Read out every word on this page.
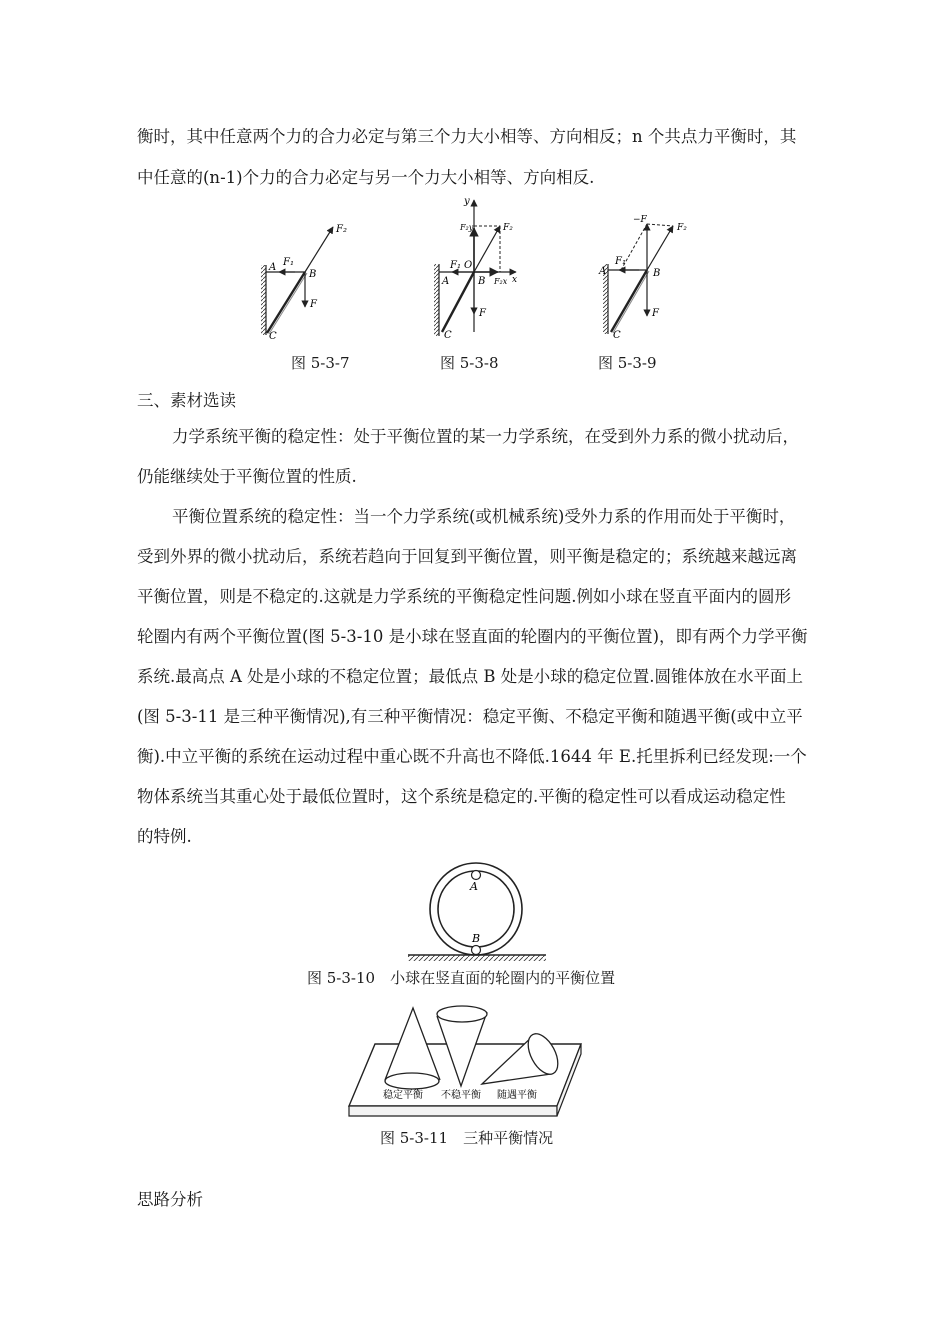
衡时，其中任意两个力的合力必定与第三个力大小相等、方向相反；n 个共点力平衡时，其
中任意的(n-1)个力的合力必定与另一个力大小相等、方向相反.
F₂
A F₁
B
F
C
图 5-3-7
y
F₂y	F₂
F₁ O
x
A	B F₂x
F
C
图 5-3-8
−F
F₂
A
F₁
B
F
C
图 5-3-9
三、素材选读
力学系统平衡的稳定性：处于平衡位置的某一力学系统，在受到外力系的微小扰动后，
仍能继续处于平衡位置的性质.
平衡位置系统的稳定性：当一个力学系统(或机械系统)受外力系的作用而处于平衡时，
受到外界的微小扰动后，系统若趋向于回复到平衡位置，则平衡是稳定的；系统越来越远离
平衡位置，则是不稳定的.这就是力学系统的平衡稳定性问题.例如小球在竖直平面内的圆形
轮圈内有两个平衡位置(图 5-3-10 是小球在竖直面的轮圈内的平衡位置)，即有两个力学平衡
系统.最高点 A 处是小球的不稳定位置；最低点 B 处是小球的稳定位置.圆锥体放在水平面上
(图 5-3-11 是三种平衡情况),有三种平衡情况：稳定平衡、不稳定平衡和随遇平衡(或中立平
衡).中立平衡的系统在运动过程中重心既不升高也不降低.1644 年 E.托里拆利已经发现:一个
物体系统当其重心处于最低位置时，这个系统是稳定的.平衡的稳定性可以看成运动稳定性
的特例.
A
B
图 5-3-10　小球在竖直面的轮圈内的平衡位置
稳定平衡 不稳平衡 随遇平衡
图 5-3-11　三种平衡情况
思路分析
